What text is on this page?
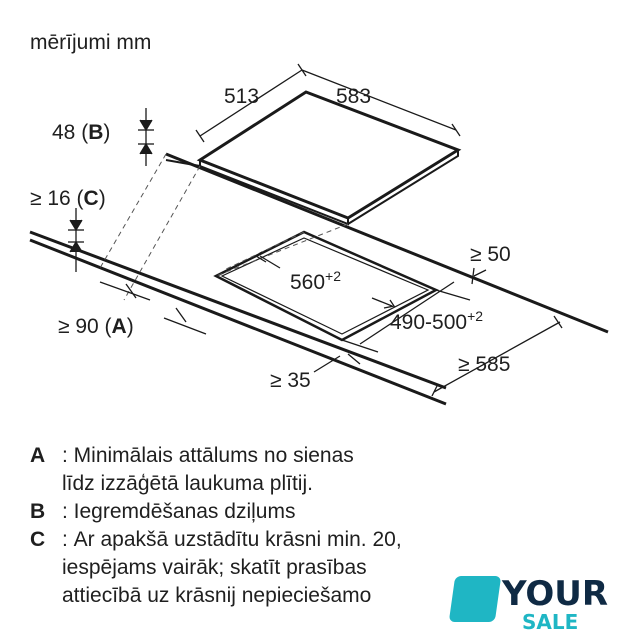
mērījumi mm
513	583
48 (B)
≥ 16 (C)
≥ 50
$560^{+2}$
$490-500^{+2}$
≥ 90 (A)
≥ 35
≥ 585
A : Minimālais attālums no sienas
līdz izzāģētā laukuma plītij.
B : Iegremdēšanas dziļums
C : Ar apakšā uzstādītu krāsni min. 20,
iespējams vairāk; skatīt prasības
attiecībā uz krāsnij nepieciešamo	YOUR
SALE
